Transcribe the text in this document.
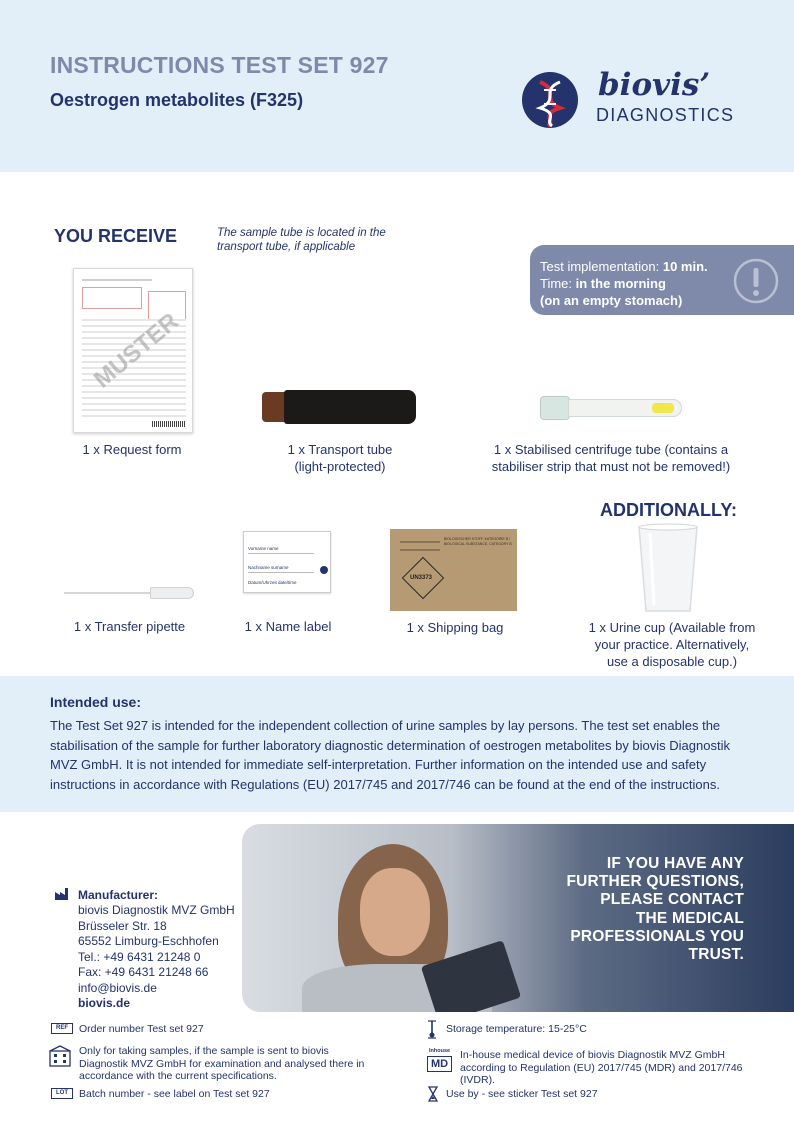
INSTRUCTIONS TEST SET 927
Oestrogen metabolites (F325)	biovis’
DIAGNOSTICS
YOU RECEIVE	The sample tube is located in the transport tube, if applicable
Test implementation: 10 min.
Time: in the morning
(on an empty stomach)
MUSTER
1 x Request form	1 x Transport tube (light-protected)
1 x Stabilised centrifuge tube (contains a stabiliser strip that must not be removed!)
ADDITIONALLY:
Vorname name
Nachname surname
Datum/Uhrzeit date/time
BIOLOGISCHER STOFF, KATEGORIE B / BIOLOGICAL SUBSTANCE, CATEGORY B
UN3373
1 x Transfer pipette	1 x Name label	1 x Shipping bag	1 x Urine cup (Available from your practice. Alternatively, use a disposable cup.)
Intended use:
The Test Set 927 is intended for the independent collection of urine samples by lay persons. The test set enables the stabilisation of the sample for further laboratory diagnostic determination of oestrogen metabolites by biovis Diagnostik MVZ GmbH. It is not intended for immediate self-interpretation. Further information on the intended use and safety instructions in accordance with Regulations (EU) 2017/745 and 2017/746 can be found at the end of the instructions.
IF YOU HAVE ANY
FURTHER QUESTIONS,
PLEASE CONTACT
THE MEDICAL
PROFESSIONALS YOU
TRUST.
Manufacturer:
biovis Diagnostik MVZ GmbH
Brüsseler Str. 18
65552 Limburg-Eschhofen
Tel.: +49 6431 21248 0
Fax: +49 6431 21248 66
info@biovis.de
biovis.de
REF	Order number Test set 927
Only for taking samples, if the sample is sent to biovis Diagnostik MVZ GmbH for examination and analysed there in accordance with the current specifications.
LOT	Batch number - see label on Test set 927
Storage temperature: 15-25°C
Inhouse
MD
In-house medical device of biovis Diagnostik MVZ GmbH according to Regulation (EU) 2017/745 (MDR) and 2017/746 (IVDR).
Use by - see sticker Test set 927
